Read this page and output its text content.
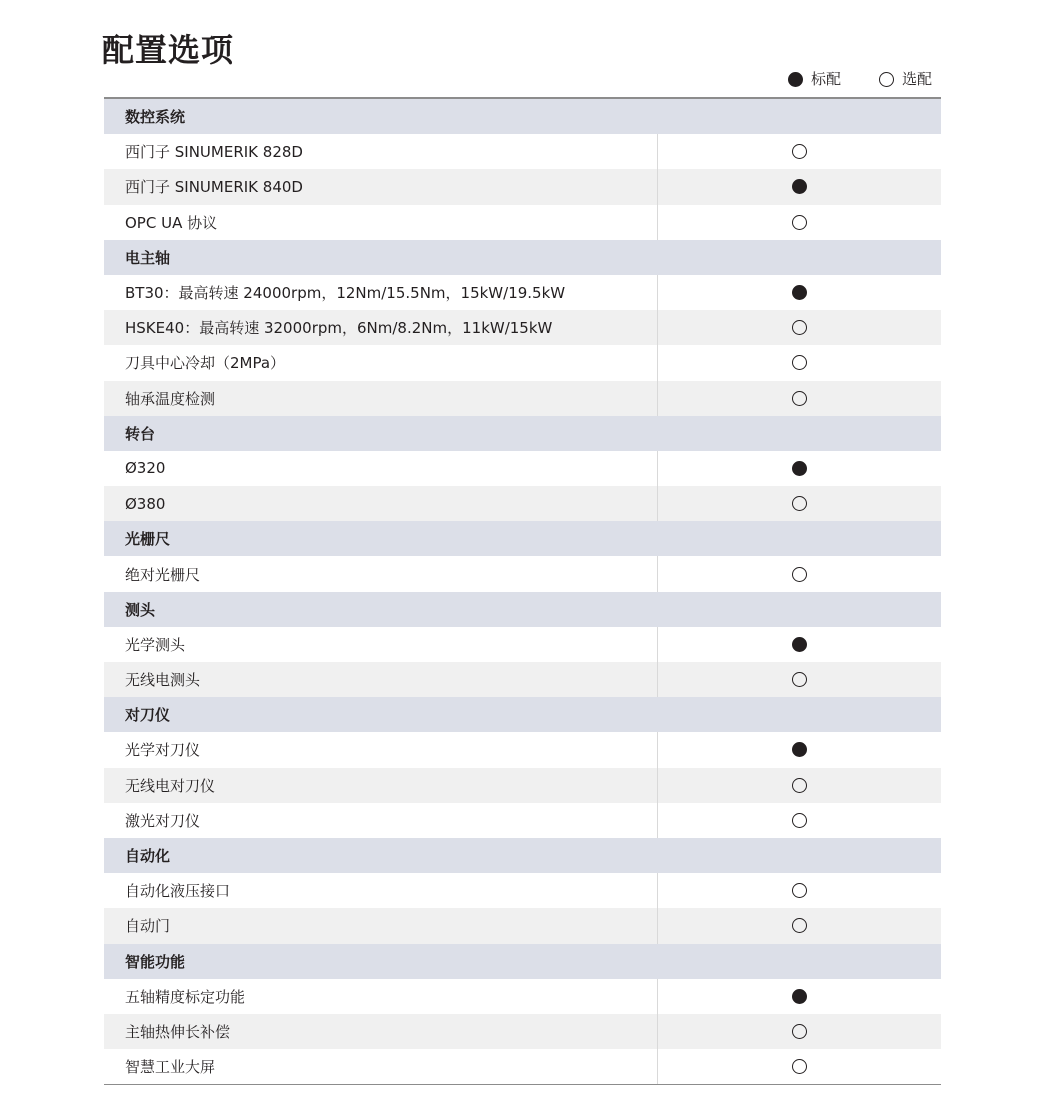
配置选项
标配	选配
数控系统
西门子 SINUMERIK 828D
西门子 SINUMERIK 840D
OPC UA 协议
电主轴
BT30：最高转速 24000rpm，12Nm/15.5Nm，15kW/19.5kW
HSKE40：最高转速 32000rpm，6Nm/8.2Nm，11kW/15kW
刀具中心冷却（2MPa）
轴承温度检测
转台
Ø320
Ø380
光栅尺
绝对光栅尺
测头
光学测头
无线电测头
对刀仪
光学对刀仪
无线电对刀仪
激光对刀仪
自动化
自动化液压接口
自动门
智能功能
五轴精度标定功能
主轴热伸长补偿
智慧工业大屏
